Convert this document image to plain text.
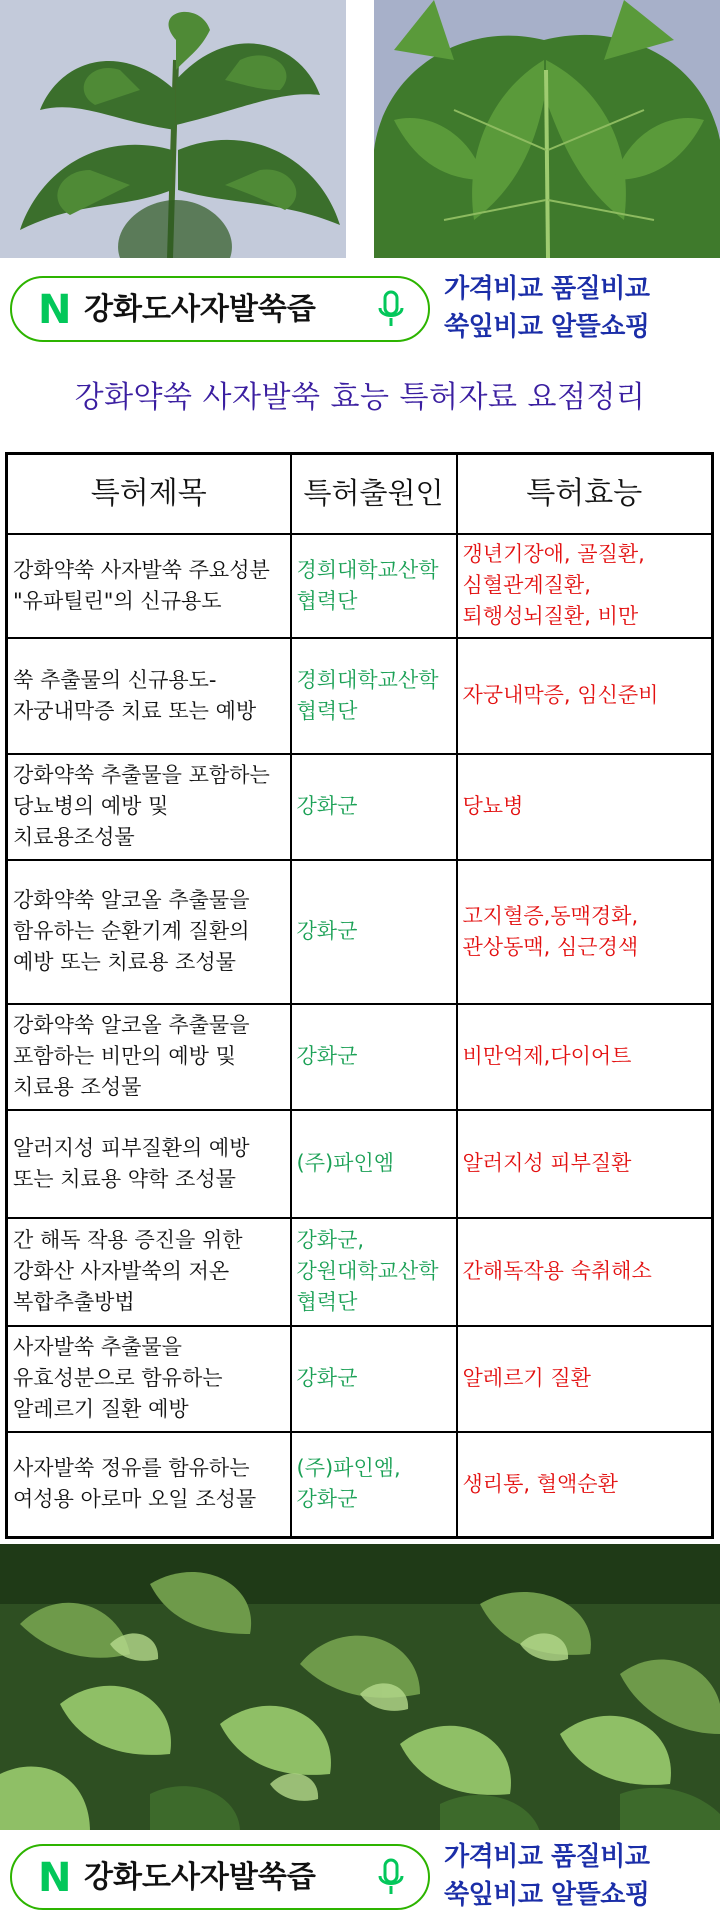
N 강화도사자발쑥즙
가격비교 품질비교
쑥잎비교 알뜰쇼핑
강화약쑥 사자발쑥 효능 특허자료 요점정리
특허제목	특허출원인	특허효능
강화약쑥 사자발쑥 주요성분 "유파틸린"의 신규용도	경희대학교산학협력단	갱년기장애, 골질환, 심혈관계질환, 퇴행성뇌질환, 비만
쑥 추출물의 신규용도-자궁내막증 치료 또는 예방	경희대학교산학협력단	자궁내막증, 임신준비
강화약쑥 추출물을 포함하는 당뇨병의 예방 및 치료용조성물	강화군	당뇨병
강화약쑥 알코올 추출물을 함유하는 순환기계 질환의 예방 또는 치료용 조성물	강화군	고지혈증,동맥경화,관상동맥, 심근경색
강화약쑥 알코올 추출물을 포함하는 비만의 예방 및 치료용 조성물	강화군	비만억제,다이어트
알러지성 피부질환의 예방 또는 치료용 약학 조성물	(주)파인엠	알러지성 피부질환
간 해독 작용 증진을 위한 강화산 사자발쑥의 저온 복합추출방법	강화군, 강원대학교산학협력단	간해독작용 숙취해소
사자발쑥 추출물을 유효성분으로 함유하는 알레르기 질환 예방	강화군	알레르기 질환
사자발쑥 정유를 함유하는 여성용 아로마 오일 조성물	(주)파인엠,강화군	생리통, 혈액순환
N 강화도사자발쑥즙
가격비교 품질비교
쑥잎비교 알뜰쇼핑
